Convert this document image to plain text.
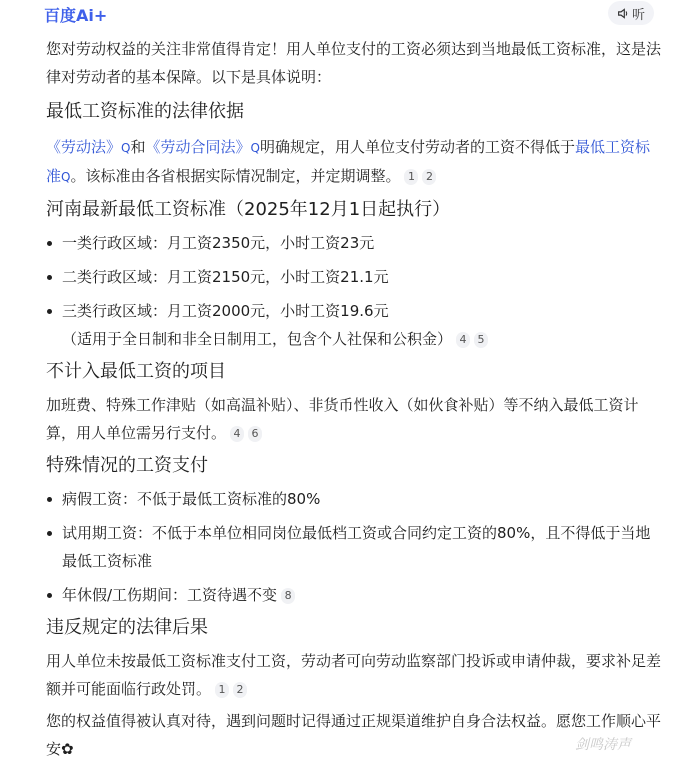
百度Ai+	听

您对劳动权益的关注非常值得肯定！用人单位支付的工资必须达到当地最低工资标准，这是法律对劳动者的基本保障。以下是具体说明：

最低工资标准的法律依据

《劳动法》Q和《劳动合同法》Q明确规定，用人单位支付劳动者的工资不得低于最低工资标准Q。该标准由各省根据实际情况制定，并定期调整。 1 2

河南最新最低工资标准（2025年12月1日起执行）
一类行政区域：月工资2350元，小时工资23元
二类行政区域：月工资2150元，小时工资21.1元
三类行政区域：月工资2000元，小时工资19.6元
（适用于全日制和非全日制用工，包含个人社保和公积金） 4 5
不计入最低工资的项目

加班费、特殊工作津贴（如高温补贴）、非货币性收入（如伙食补贴）等不纳入最低工资计算，用人单位需另行支付。 4 6

特殊情况的工资支付
病假工资：不低于最低工资标准的80%
试用期工资：不低于本单位相同岗位最低档工资或合同约定工资的80%，且不得低于当地最低工资标准
年休假/工伤期间：工资待遇不变 8
违反规定的法律后果

用人单位未按最低工资标准支付工资，劳动者可向劳动监察部门投诉或申请仲裁，要求补足差额并可能面临行政处罚。 1 2

您的权益值得被认真对待，遇到问题时记得通过正规渠道维护自身合法权益。愿您工作顺心平安✿	剑鸣涛声
